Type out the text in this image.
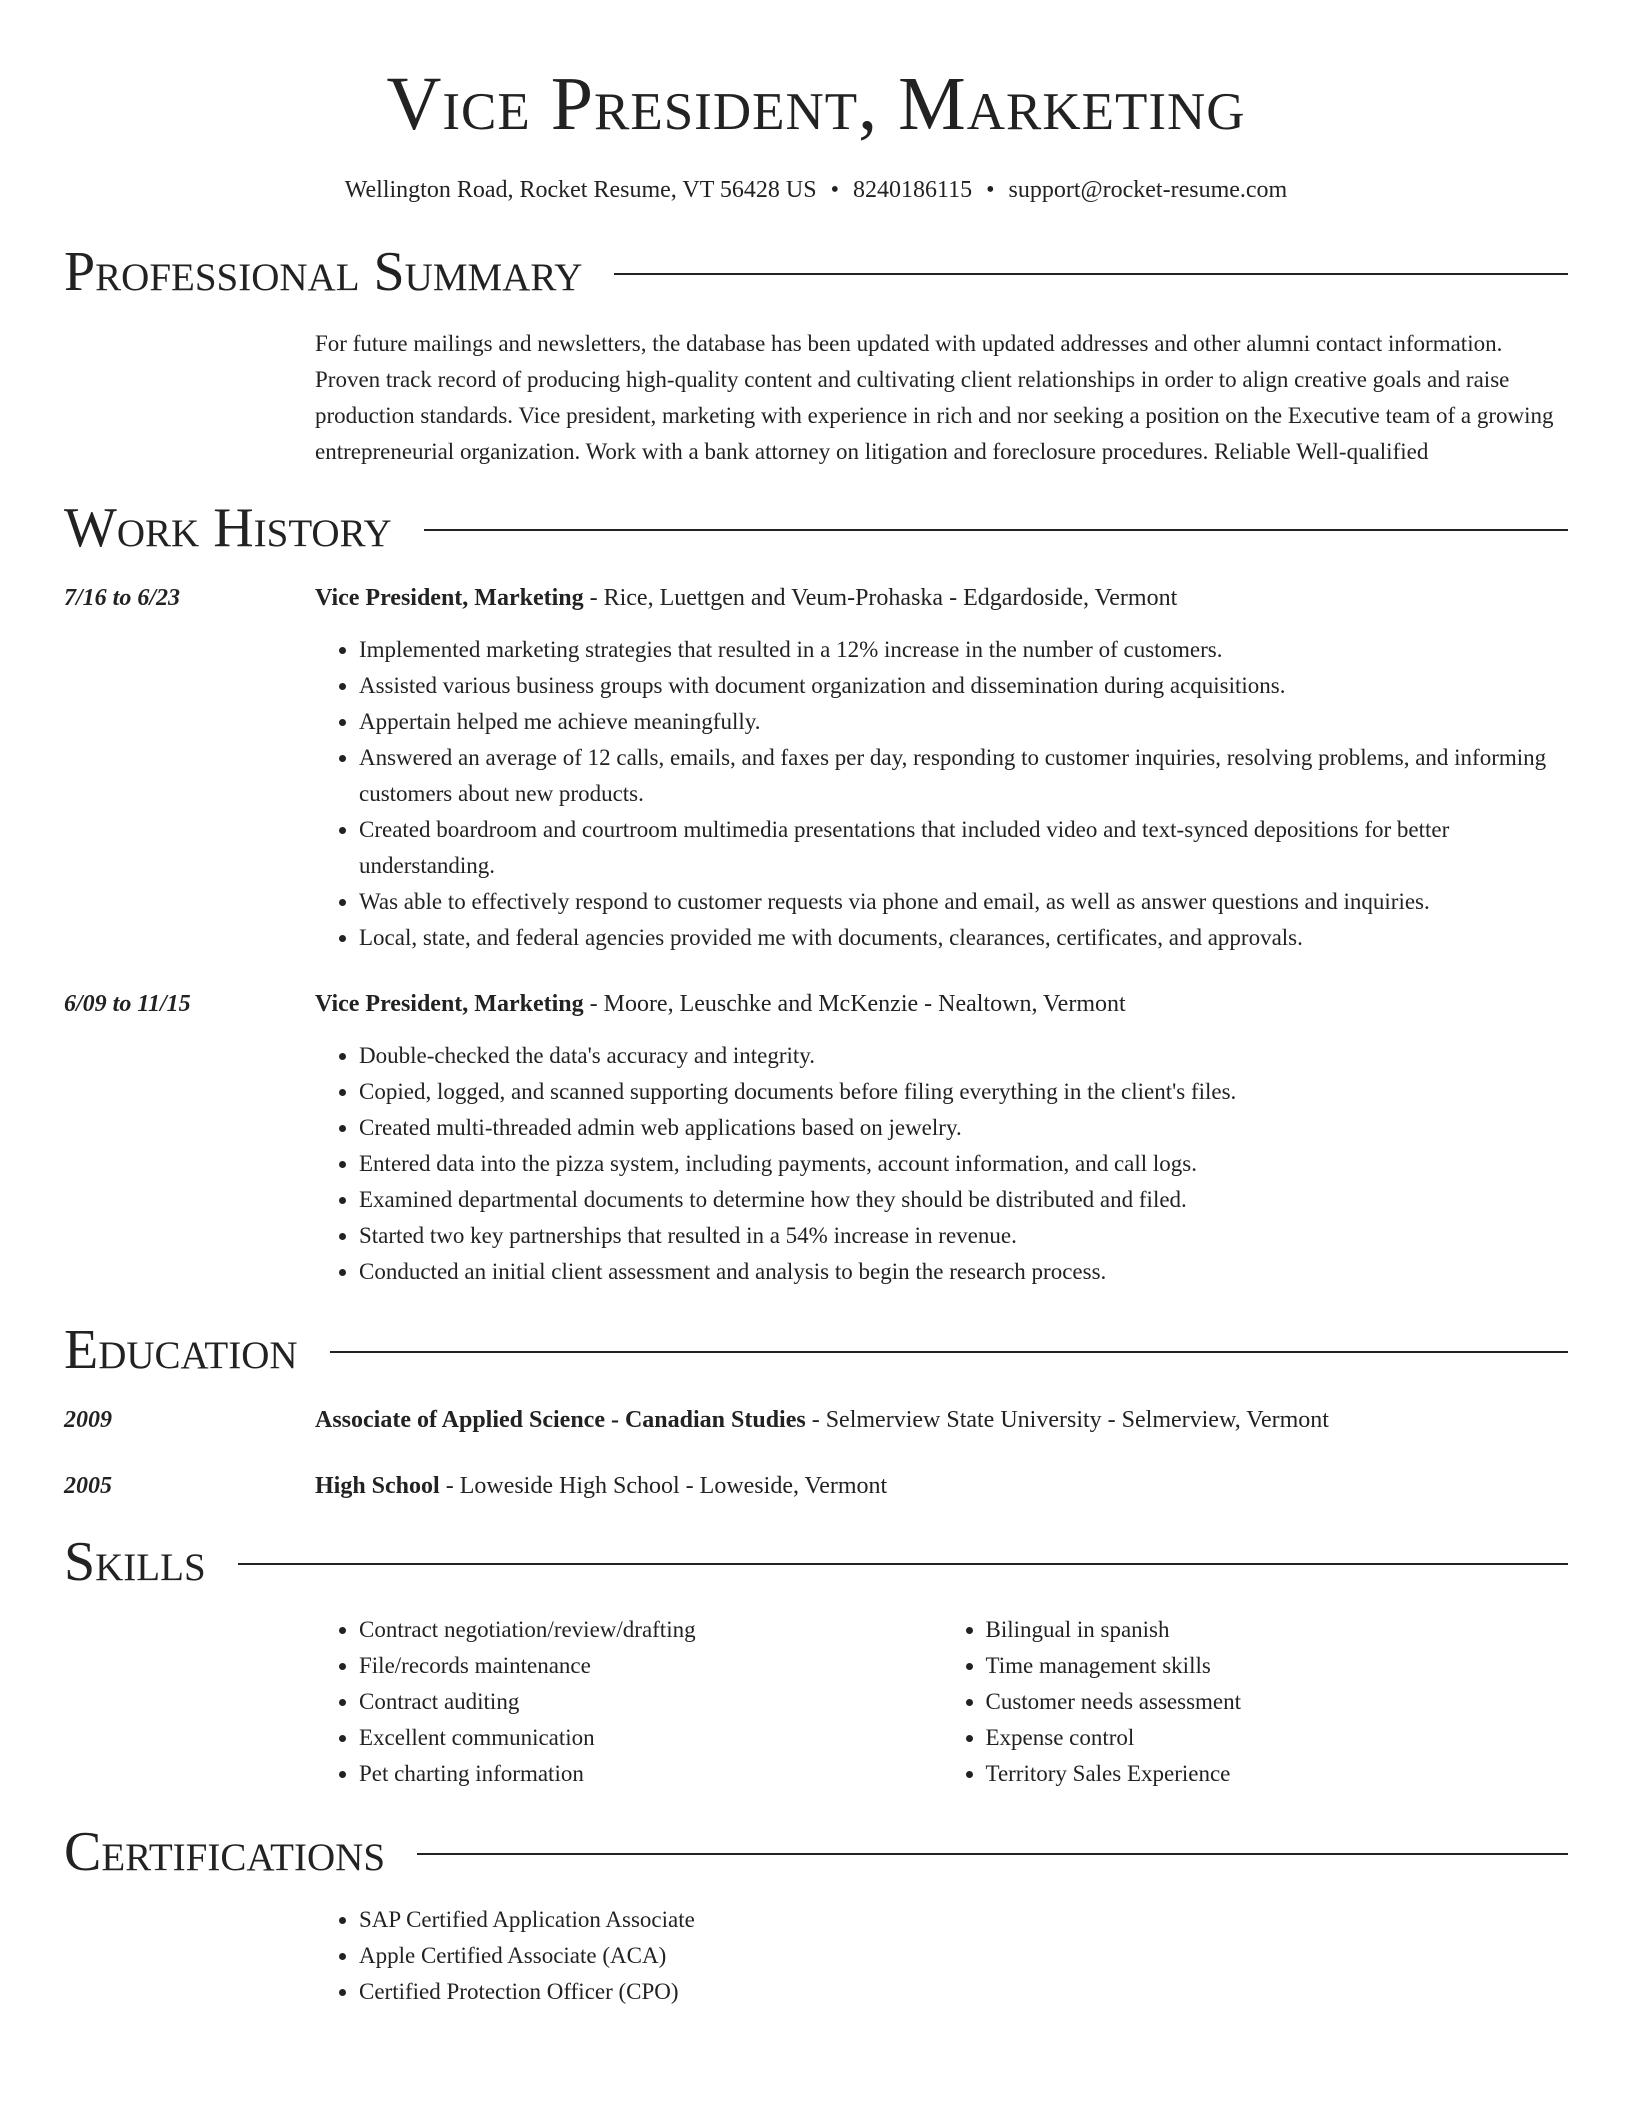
Vice President, Marketing
Wellington Road, Rocket Resume, VT 56428 US • 8240186115 • support@rocket-resume.com
Professional Summary
For future mailings and newsletters, the database has been updated with updated addresses and other alumni contact information. Proven track record of producing high-quality content and cultivating client relationships in order to align creative goals and raise production standards. Vice president, marketing with experience in rich and nor seeking a position on the Executive team of a growing entrepreneurial organization. Work with a bank attorney on litigation and foreclosure procedures. Reliable Well-qualified
Work History
7/16 to 6/23	Vice President, Marketing - Rice, Luettgen and Veum-Prohaska - Edgardoside, Vermont
• Implemented marketing strategies that resulted in a 12% increase in the number of customers.
• Assisted various business groups with document organization and dissemination during acquisitions.
• Appertain helped me achieve meaningfully.
• Answered an average of 12 calls, emails, and faxes per day, responding to customer inquiries, resolving problems, and informing customers about new products.
• Created boardroom and courtroom multimedia presentations that included video and text-synced depositions for better understanding.
• Was able to effectively respond to customer requests via phone and email, as well as answer questions and inquiries.
• Local, state, and federal agencies provided me with documents, clearances, certificates, and approvals.
6/09 to 11/15	Vice President, Marketing - Moore, Leuschke and McKenzie - Nealtown, Vermont
• Double-checked the data's accuracy and integrity.
• Copied, logged, and scanned supporting documents before filing everything in the client's files.
• Created multi-threaded admin web applications based on jewelry.
• Entered data into the pizza system, including payments, account information, and call logs.
• Examined departmental documents to determine how they should be distributed and filed.
• Started two key partnerships that resulted in a 54% increase in revenue.
• Conducted an initial client assessment and analysis to begin the research process.
Education
2009	Associate of Applied Science - Canadian Studies - Selmerview State University - Selmerview, Vermont
2005	High School - Loweside High School - Loweside, Vermont
Skills
• Contract negotiation/review/drafting
• File/records maintenance
• Contract auditing
• Excellent communication
• Pet charting information
• Bilingual in spanish
• Time management skills
• Customer needs assessment
• Expense control
• Territory Sales Experience
Certifications
• SAP Certified Application Associate
• Apple Certified Associate (ACA)
• Certified Protection Officer (CPO)
